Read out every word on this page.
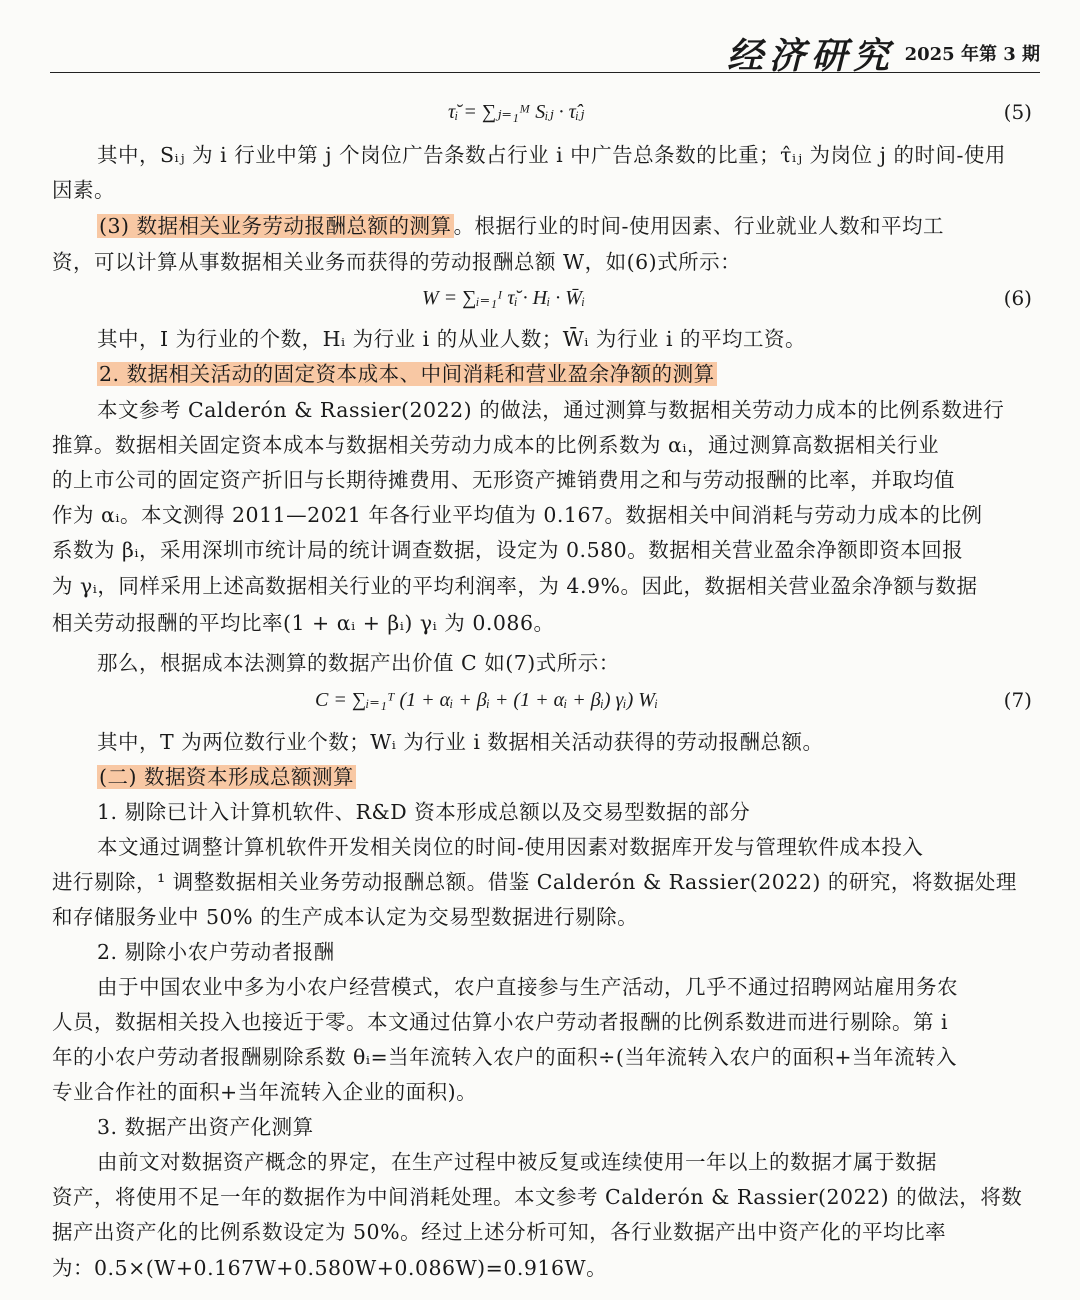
经济研究 2025 年第 3 期
τ̆ᵢ = ∑ⱼ₌₁ᴹ Sᵢⱼ · τ̂ᵢⱼ	(5)
其中，Sᵢⱼ 为 i 行业中第 j 个岗位广告条数占行业 i 中广告总条数的比重；τ̂ᵢⱼ 为岗位 j 的时间-使用
因素。
(3) 数据相关业务劳动报酬总额的测算。根据行业的时间-使用因素、行业就业人数和平均工
资，可以计算从事数据相关业务而获得的劳动报酬总额 W，如(6)式所示：
W = ∑ᵢ₌₁ᴵ τ̆ᵢ · Hᵢ · W̄ᵢ	(6)
其中，I 为行业的个数，Hᵢ 为行业 i 的从业人数；W̄ᵢ 为行业 i 的平均工资。
2. 数据相关活动的固定资本成本、中间消耗和营业盈余净额的测算
本文参考 Calderón & Rassier(2022) 的做法，通过测算与数据相关劳动力成本的比例系数进行
推算。数据相关固定资本成本与数据相关劳动力成本的比例系数为 αᵢ，通过测算高数据相关行业
的上市公司的固定资产折旧与长期待摊费用、无形资产摊销费用之和与劳动报酬的比率，并取均值
作为 αᵢ。本文测得 2011—2021 年各行业平均值为 0.167。数据相关中间消耗与劳动力成本的比例
系数为 βᵢ，采用深圳市统计局的统计调查数据，设定为 0.580。数据相关营业盈余净额即资本回报
为 γᵢ，同样采用上述高数据相关行业的平均利润率，为 4.9%。因此，数据相关营业盈余净额与数据
相关劳动报酬的平均比率(1 + αᵢ + βᵢ) γᵢ 为 0.086。
那么，根据成本法测算的数据产出价值 C 如(7)式所示：
C = ∑ᵢ₌₁ᵀ (1 + αᵢ + βᵢ + (1 + αᵢ + βᵢ) γᵢ) Wᵢ	(7)
其中，T 为两位数行业个数；Wᵢ 为行业 i 数据相关活动获得的劳动报酬总额。
(二) 数据资本形成总额测算
1. 剔除已计入计算机软件、R&D 资本形成总额以及交易型数据的部分
本文通过调整计算机软件开发相关岗位的时间-使用因素对数据库开发与管理软件成本投入
进行剔除，¹ 调整数据相关业务劳动报酬总额。借鉴 Calderón & Rassier(2022) 的研究，将数据处理
和存储服务业中 50% 的生产成本认定为交易型数据进行剔除。
2. 剔除小农户劳动者报酬
由于中国农业中多为小农户经营模式，农户直接参与生产活动，几乎不通过招聘网站雇用务农
人员，数据相关投入也接近于零。本文通过估算小农户劳动者报酬的比例系数进而进行剔除。第 i
年的小农户劳动者报酬剔除系数 θᵢ=当年流转入农户的面积÷(当年流转入农户的面积+当年流转入
专业合作社的面积+当年流转入企业的面积)。
3. 数据产出资产化测算
由前文对数据资产概念的界定，在生产过程中被反复或连续使用一年以上的数据才属于数据
资产，将使用不足一年的数据作为中间消耗处理。本文参考 Calderón & Rassier(2022) 的做法，将数
据产出资产化的比例系数设定为 50%。经过上述分析可知，各行业数据产出中资产化的平均比率
为：0.5×(W+0.167W+0.580W+0.086W)=0.916W。
